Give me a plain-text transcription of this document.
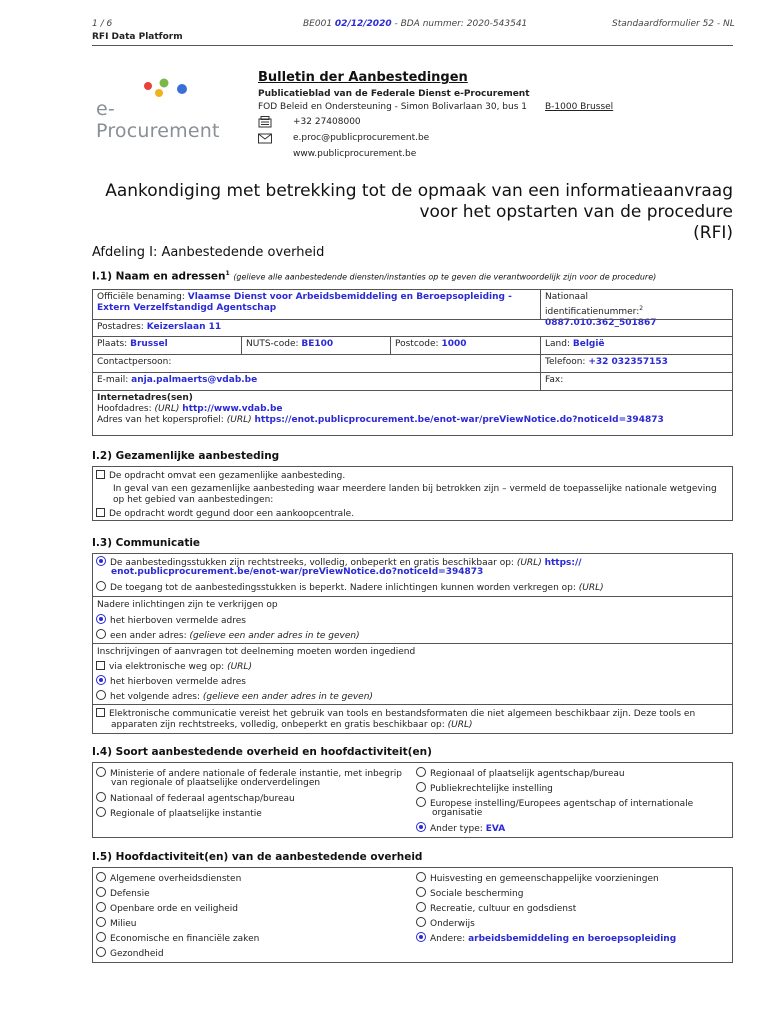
1 / 6	BE001 02/12/2020 - BDA nummer: 2020-543541	Standaardformulier 52 - NL
RFI Data Platform
e-Procurement
Bulletin der Aanbestedingen
Publicatieblad van de Federale Dienst e-Procurement
FOD Beleid en Ondersteuning - Simon Bolivarlaan 30, bus 1 B-1000 Brussel
+32 27408000
e.proc@publicprocurement.be
www.publicprocurement.be
Aankondiging met betrekking tot de opmaak van een informatieaanvraag
voor het opstarten van de procedure
(RFI)
Afdeling I: Aanbestedende overheid
I.1) Naam en adressen$^1$ (gelieve alle aanbestedende diensten/instanties op te geven die verantwoordelijk zijn voor de procedure)
Officiële benaming: Vlaamse Dienst voor Arbeidsbemiddeling en Beroepsopleiding -
Extern Verzelfstandigd Agentschap
Nationaal
identificatienummer:$^2$ 0887.010.362_501867
Postadres: Keizerslaan 11
Plaats: Brussel	NUTS-code: BE100	Postcode: 1000	Land: België
Contactpersoon:	Telefoon: +32 032357153
E-mail: anja.palmaerts@vdab.be	Fax:
Internetadres(sen)
Hoofdadres: (URL) http://www.vdab.be
Adres van het kopersprofiel: (URL) https://enot.publicprocurement.be/enot-war/preViewNotice.do?noticeId=394873
I.2) Gezamenlijke aanbesteding
De opdracht omvat een gezamenlijke aanbesteding.
In geval van een gezamenlijke aanbesteding waar meerdere landen bij betrokken zijn – vermeld de toepasselijke nationale wetgeving
op het gebied van aanbestedingen:
De opdracht wordt gegund door een aankoopcentrale.
I.3) Communicatie
De aanbestedingsstukken zijn rechtstreeks, volledig, onbeperkt en gratis beschikbaar op: (URL) https://
enot.publicprocurement.be/enot-war/preViewNotice.do?noticeId=394873
De toegang tot de aanbestedingsstukken is beperkt. Nadere inlichtingen kunnen worden verkregen op: (URL)
Nadere inlichtingen zijn te verkrijgen op
het hierboven vermelde adres
een ander adres: (gelieve een ander adres in te geven)
Inschrijvingen of aanvragen tot deelneming moeten worden ingediend
via elektronische weg op: (URL)
het hierboven vermelde adres
het volgende adres: (gelieve een ander adres in te geven)
Elektronische communicatie vereist het gebruik van tools en bestandsformaten die niet algemeen beschikbaar zijn. Deze tools en
apparaten zijn rechtstreeks, volledig, onbeperkt en gratis beschikbaar op: (URL)
I.4) Soort aanbestedende overheid en hoofdactiviteit(en)
Ministerie of andere nationale of federale instantie, met inbegrip
van regionale of plaatselijke onderverdelingen
Nationaal of federaal agentschap/bureau
Regionale of plaatselijke instantie
Regionaal of plaatselijk agentschap/bureau
Publiekrechtelijke instelling
Europese instelling/Europees agentschap of internationale
organisatie
Ander type: EVA
I.5) Hoofdactiviteit(en) van de aanbestedende overheid
Algemene overheidsdiensten
Defensie
Openbare orde en veiligheid
Milieu
Economische en financiële zaken
Gezondheid
Huisvesting en gemeenschappelijke voorzieningen
Sociale bescherming
Recreatie, cultuur en godsdienst
Onderwijs
Andere: arbeidsbemiddeling en beroepsopleiding
